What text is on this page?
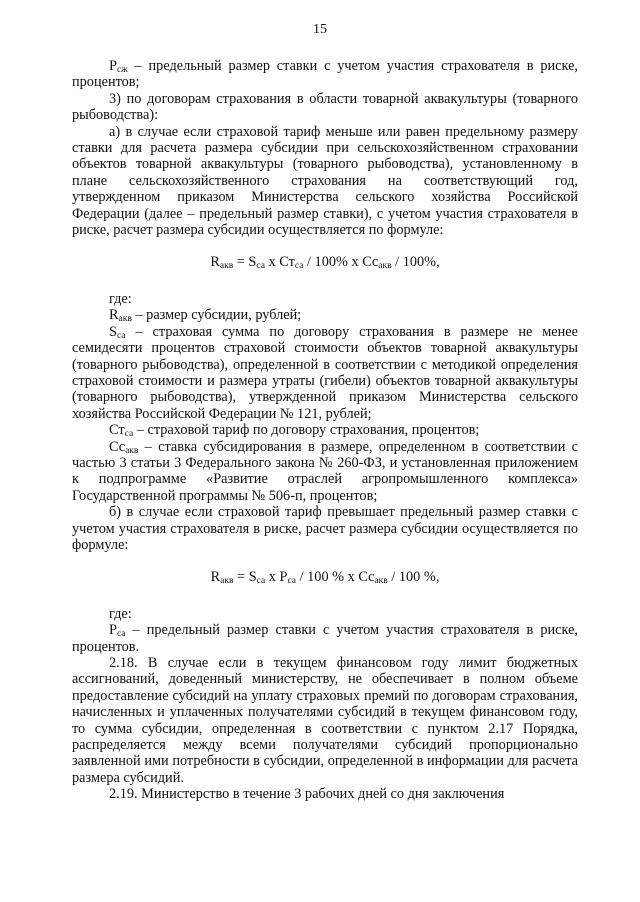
15

$Р_{сж}$ – предельный размер ставки с учетом участия страхователя в риске, процентов;

3) по договорам страхования в области товарной аквакультуры (товарного рыбоводства):

а) в случае если страховой тариф меньше или равен предельному размеру ставки для расчета размера субсидии при сельскохозяйственном страховании объектов товарной аквакультуры (товарного рыбоводства), установленному в плане сельскохозяйственного страхования на соответствующий год, утвержденном приказом Министерства сельского хозяйства Российской Федерации (далее – предельный размер ставки), с учетом участия страхователя в риске, расчет размера субсидии осуществляется по формуле:

$R_{акв} = S_{са}$ x $Ст_{са} / 100\%$ x $Сс_{акв} / 100\%$,

где:

$R_{акв}$ – размер субсидии, рублей;

$S_{са}$ – страховая сумма по договору страхования в размере не менее семидесяти процентов страховой стоимости объектов товарной аквакультуры (товарного рыбоводства), определенной в соответствии с методикой определения страховой стоимости и размера утраты (гибели) объектов товарной аквакультуры (товарного рыбоводства), утвержденной приказом Министерства сельского хозяйства Российской Федерации № 121, рублей;

$Ст_{са}$ – страховой тариф по договору страхования, процентов;

$Сс_{акв}$ – ставка субсидирования в размере, определенном в соответствии с частью 3 статьи 3 Федерального закона № 260-ФЗ, и установленная приложением к подпрограмме «Развитие отраслей агропромышленного комплекса» Государственной программы № 506-п, процентов;

б) в случае если страховой тариф превышает предельный размер ставки с учетом участия страхователя в риске, расчет размера субсидии осуществляется по формуле:

$R_{акв} = S_{са}$ x $Р_{са} / 100$ % x $Сс_{акв} / 100$ %,

где:

$Р_{са}$ – предельный размер ставки с учетом участия страхователя в риске, процентов.

2.18. В случае если в текущем финансовом году лимит бюджетных ассигнований, доведенный министерству, не обеспечивает в полном объеме предоставление субсидий на уплату страховых премий по договорам страхования, начисленных и уплаченных получателями субсидий в текущем финансовом году, то сумма субсидии, определенная в соответствии с пунктом 2.17 Порядка, распределяется между всеми получателями субсидий пропорционально заявленной ими потребности в субсидии, определенной в информации для расчета размера субсидий.

2.19. Министерство в течение 3 рабочих дней со дня заключения
